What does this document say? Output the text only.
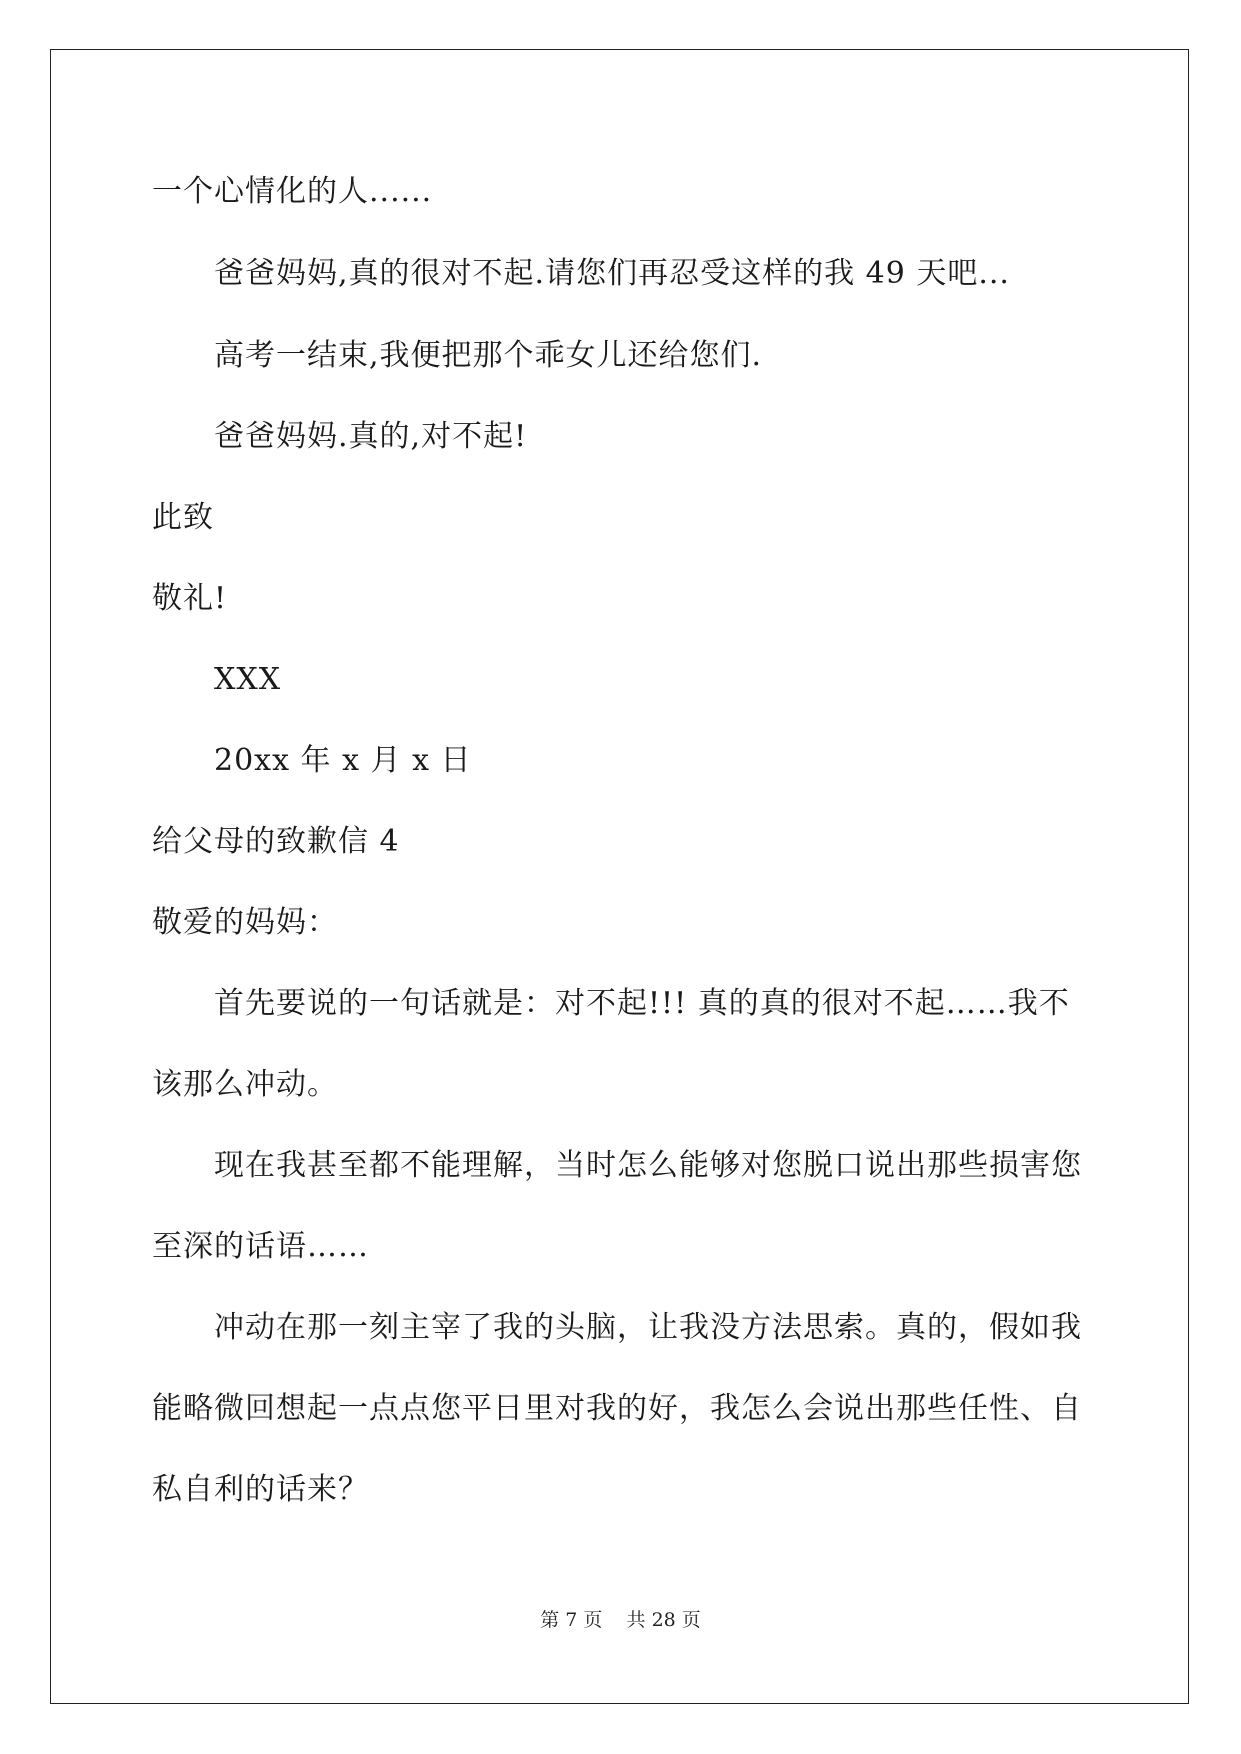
一个心情化的人......
爸爸妈妈,真的很对不起.请您们再忍受这样的我 49 天吧...
高考一结束,我便把那个乖女儿还给您们.
爸爸妈妈.真的,对不起!
此致
敬礼!
XXX
20xx 年 x 月 x 日
给父母的致歉信 4
敬爱的妈妈：
首先要说的一句话就是：对不起!!! 真的真的很对不起……我不
该那么冲动。
现在我甚至都不能理解，当时怎么能够对您脱口说出那些损害您
至深的话语……
冲动在那一刻主宰了我的头脑，让我没方法思索。真的，假如我
能略微回想起一点点您平日里对我的好，我怎么会说出那些任性、自
私自利的话来？
第 7 页 共 28 页
